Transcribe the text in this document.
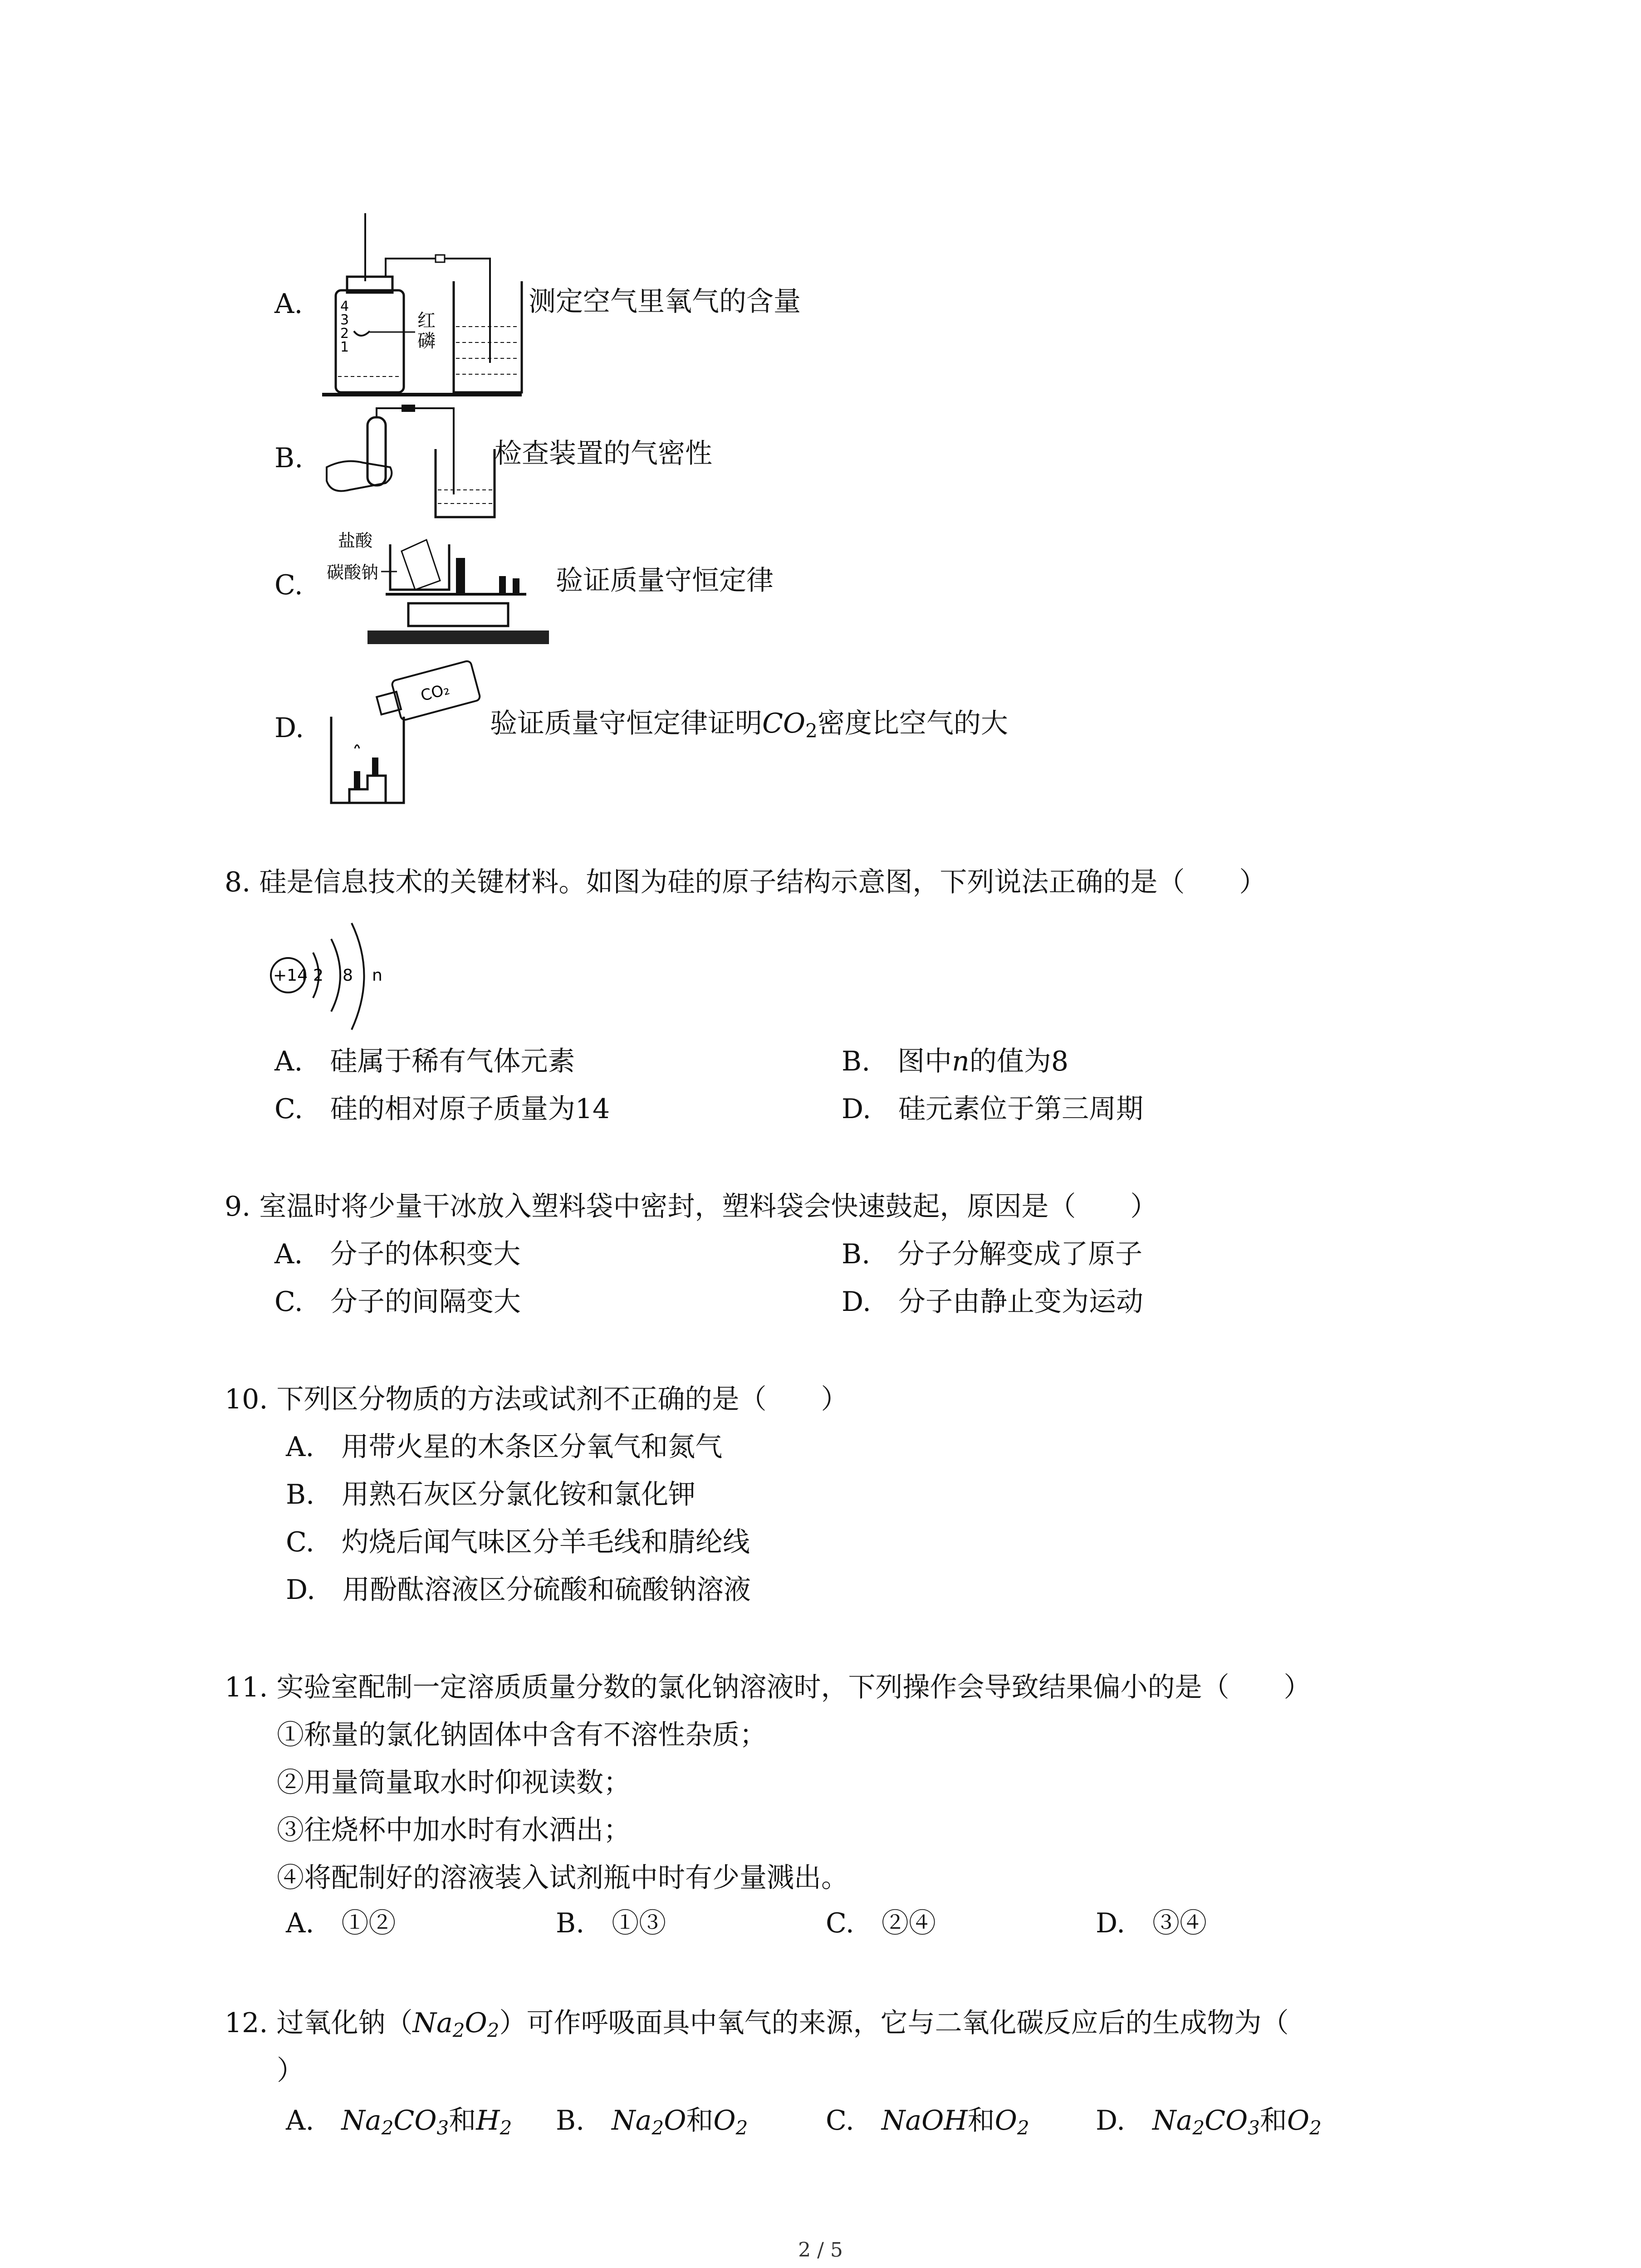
A.	4
3
2
1
红
磷
测定空气里氧气的含量
B.	检查装置的气密性
C.
盐酸
碳酸钠	验证质量守恒定律
D.
CO₂
验证质量守恒定律证明$CO_2$密度比空气的大
8. 硅是信息技术的关键材料。如图为硅的原子结构示意图，下列说法正确的是（　　）
+14 2 8 n
A.　硅属于稀有气体元素	B.　图中n的值为8
C.　硅的相对原子质量为14	D.　硅元素位于第三周期
9. 室温时将少量干冰放入塑料袋中密封，塑料袋会快速鼓起，原因是（　　）
A.　分子的体积变大	B.　分子分解变成了原子
C.　分子的间隔变大	D.　分子由静止变为运动
10. 下列区分物质的方法或试剂不正确的是（　　）
A.　用带火星的木条区分氧气和氮气
B.　用熟石灰区分氯化铵和氯化钾
C.　灼烧后闻气味区分羊毛线和腈纶线
D.　用酚酞溶液区分硫酸和硫酸钠溶液
11. 实验室配制一定溶质质量分数的氯化钠溶液时，下列操作会导致结果偏小的是（　　）
①称量的氯化钠固体中含有不溶性杂质；
②用量筒量取水时仰视读数；
③往烧杯中加水时有水洒出；
④将配制好的溶液装入试剂瓶中时有少量溅出。
A.　①②	B.　①③	C.　②④	D.　③④
12. 过氧化钠$(Na_2O_2)$可作呼吸面具中氧气的来源，它与二氧化碳反应后的生成物为（
）
A.　$Na_2CO_3$和$H_2$ B.　$Na_2O$和$O_2$	C.　NaOH和$O_2$ D.　$Na_2CO_3$和$O_2$
2 / 5
